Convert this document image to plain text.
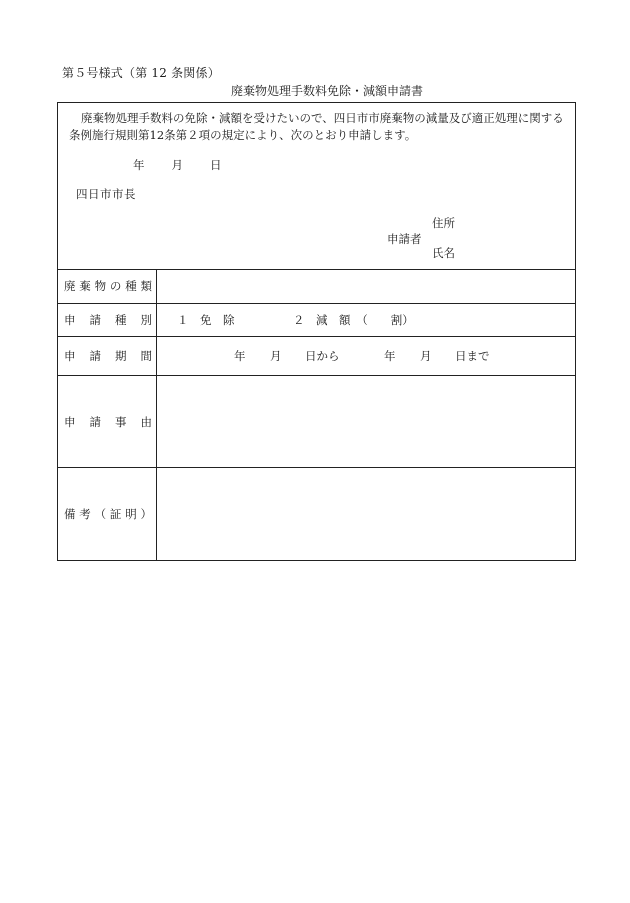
第５号様式（第 12 条関係）
廃棄物処理手数料免除・減額申請書

廃棄物処理手数料の免除・減額を受けたいので、四日市市廃棄物の減量及び適正処理に関する条例施行規則第12条第２項の規定により、次のとおり申請します。

年 月 日
四日市市長
住所
申請者
氏名
廃棄物の種類
申請種別 １　免　除	２　減　額　（　　割）
申請期間	年 月 日から	年 月 日まで
申請事由
備考（証明）
